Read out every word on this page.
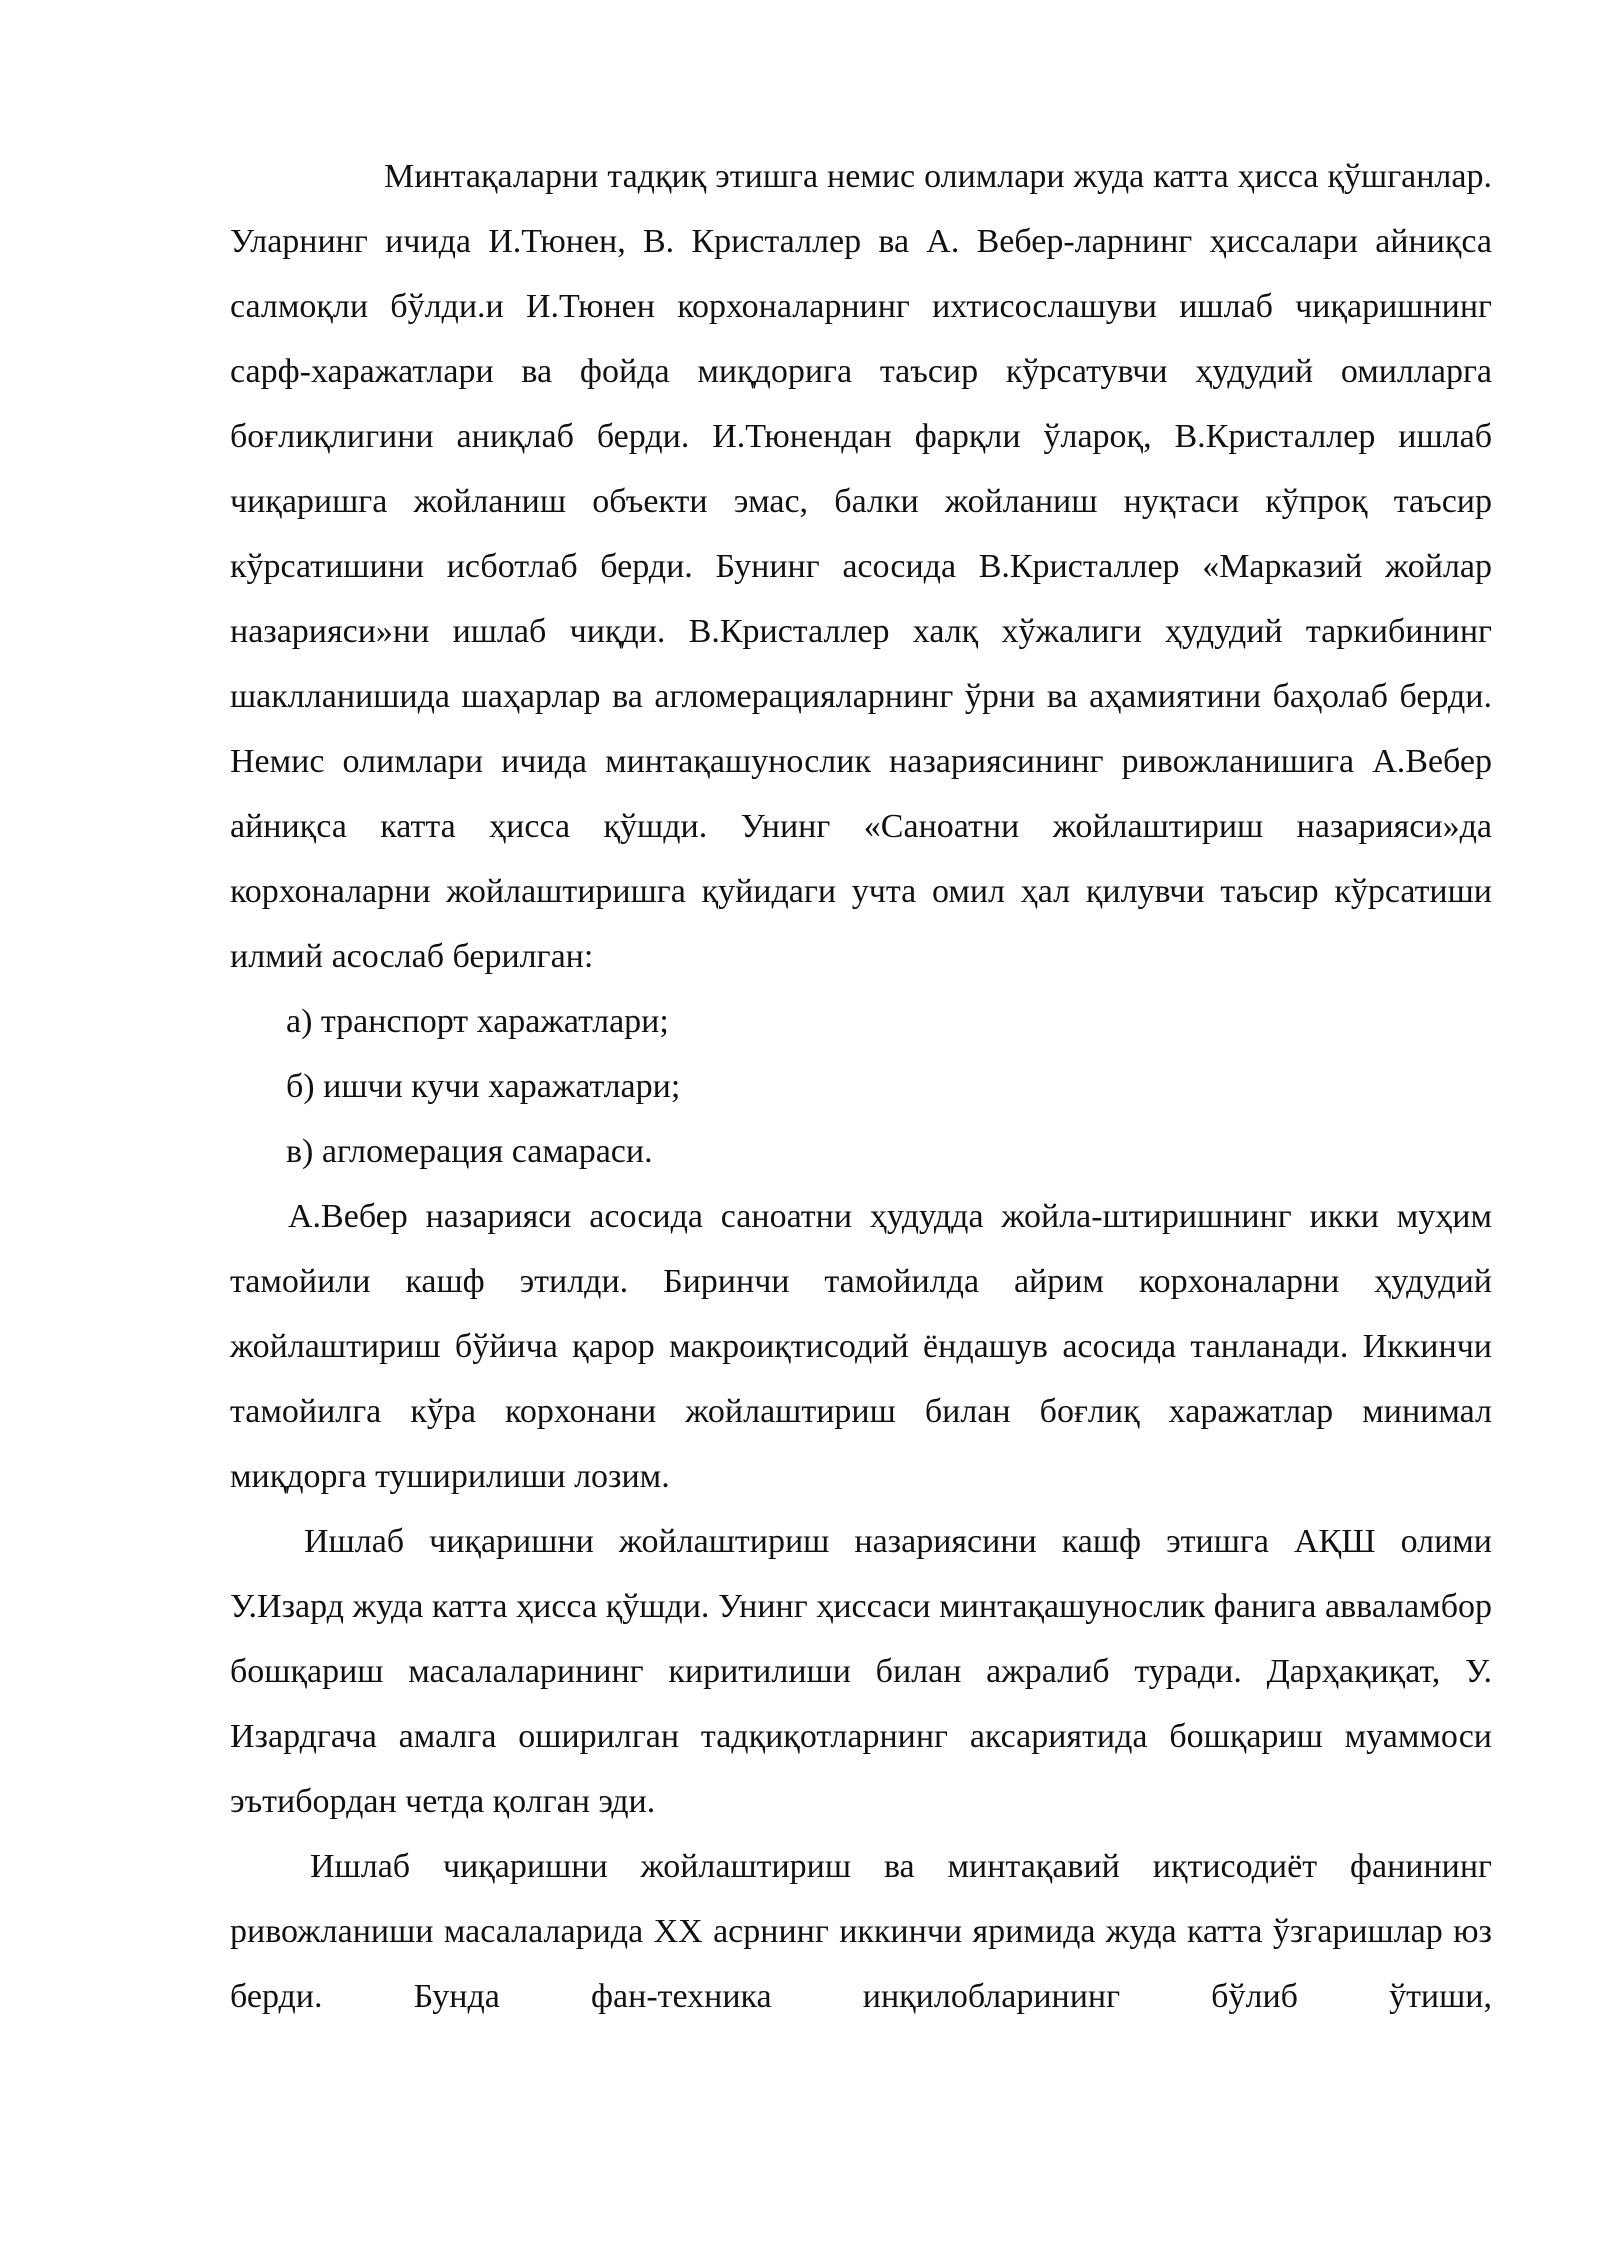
Минтақаларни тадқиқ этишга немис олимлари жуда катта ҳисса қўшганлар. Уларнинг ичида И.Тюнен, В. Кристаллер ва А. Вебер-ларнинг ҳиссалари айниқса салмоқли бўлди.и И.Тюнен корхоналарнинг ихтисослашуви ишлаб чиқаришнинг сарф-харажатлари ва фойда миқдорига таъсир кўрсатувчи ҳудудий омилларга боғлиқлигини аниқлаб берди. И.Тюнендан фарқли ўлароқ, В.Кристаллер ишлаб чиқаришга жойланиш объекти эмас, балки жойланиш нуқтаси кўпроқ таъсир кўрсатишини исботлаб берди. Бунинг асосида В.Кристаллер «Марказий жойлар назарияси»ни ишлаб чиқди. В.Кристаллер халқ хўжалиги ҳудудий таркибининг шаклланишида шаҳарлар ва агломерацияларнинг ўрни ва аҳамиятини баҳолаб берди. Немис олимлари ичида минтақашунослик назариясининг ривожланишига А.Вебер айниқса катта ҳисса қўшди. Унинг «Саноатни жойлаштириш назарияси»да корхоналарни жойлаштиришга қуйидаги учта омил ҳал қилувчи таъсир кўрсатиши илмий асослаб берилган:

а) транспорт харажатлари;

б) ишчи кучи харажатлари;

в) агломерация самараси.

А.Вебер назарияси асосида саноатни ҳудудда жойла-штиришнинг икки муҳим тамойили кашф этилди. Биринчи тамойилда айрим корхоналарни ҳудудий жойлаштириш бўйича қарор макроиқтисодий ёндашув асосида танланади. Иккинчи тамойилга кўра корхонани жойлаштириш билан боғлиқ харажатлар минимал миқдорга туширилиши лозим.

Ишлаб чиқаришни жойлаштириш назариясини кашф этишга АҚШ олими У.Изард жуда катта ҳисса қўшди. Унинг ҳиссаси минтақашунослик фанига авваламбор бошқариш масалаларининг киритилиши билан ажралиб туради. Дарҳақиқат, У. Изардгача амалга оширилган тадқиқотларнинг аксариятида бошқариш муаммоси эътибордан четда қолган эди.

Ишлаб чиқаришни жойлаштириш ва минтақавий иқтисодиёт фанининг ривожланиши масалаларида XX асрнинг иккинчи яримида жуда катта ўзгаришлар юз берди. Бунда фан-техника инқилобларининг бўлиб ўтиши,
